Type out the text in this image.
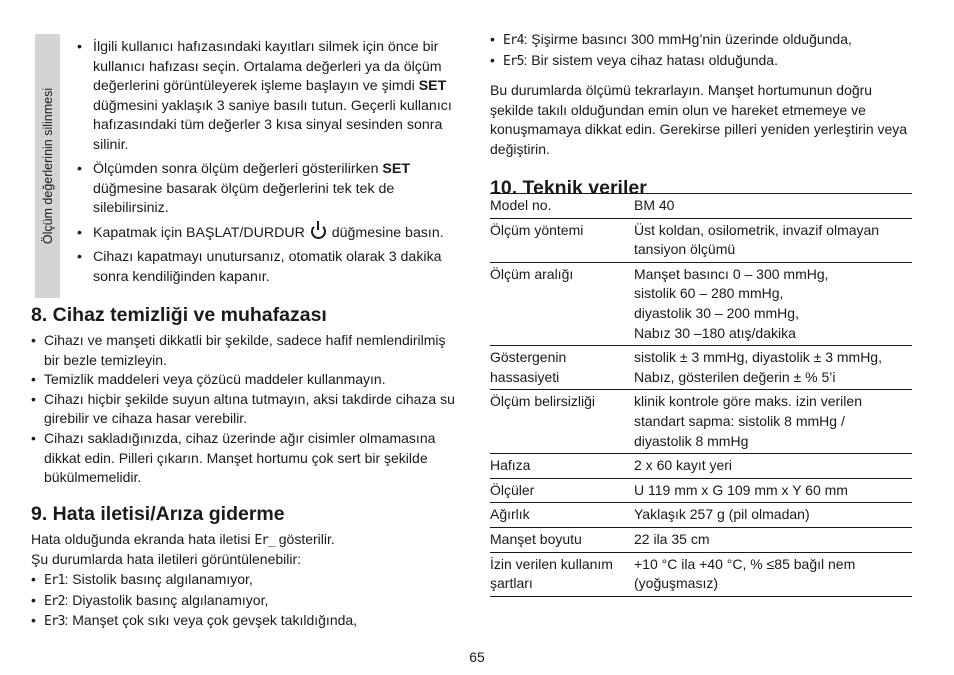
Ölçüm değerlerinin silinmesi
• İlgili kullanıcı hafızasındaki kayıtları silmek için önce bir kullanıcı hafızası seçin. Ortalama değerleri ya da ölçüm değerlerini görüntüleyerek işleme başlayın ve şimdi SET düğmesini yaklaşık 3 saniye basılı tutun. Geçerli kullanıcı hafızasındaki tüm değerler 3 kısa sinyal sesinden sonra silinir.
• Ölçümden sonra ölçüm değerleri gösterilirken SET düğmesine basarak ölçüm değerlerini tek tek de silebilirsiniz.
• Kapatmak için BAŞLAT/DURDUR  düğmesine basın.
• Cihazı kapatmayı unutursanız, otomatik olarak 3 dakika sonra kendiliğinden kapanır.
8. Cihaz temizliği ve muhafazası
• Cihazı ve manşeti dikkatli bir şekilde, sadece hafif nemlendirilmiş bir bezle temizleyin.
• Temizlik maddeleri veya çözücü maddeler kullanmayın.
• Cihazı hiçbir şekilde suyun altına tutmayın, aksi takdirde cihaza su girebilir ve cihaza hasar verebilir.
• Cihazı sakladığınızda, cihaz üzerinde ağır cisimler olmamasına dikkat edin. Pilleri çıkarın. Manşet hortumu çok sert bir şekilde bükülmemelidir.
9. Hata iletisi/Arıza giderme
Hata olduğunda ekranda hata iletisi Er_ gösterilir.
Şu durumlarda hata iletileri görüntülenebilir:
• Er1: Sistolik basınç algılanamıyor,
• Er2: Diyastolik basınç algılanamıyor,
• Er3: Manşet çok sıkı veya çok gevşek takıldığında,
• Er4: Şişirme basıncı 300 mmHg’nin üzerinde olduğunda,
• Er5: Bir sistem veya cihaz hatası olduğunda.
Bu durumlarda ölçümü tekrarlayın. Manşet hortumunun doğru şekilde takılı olduğundan emin olun ve hareket etmemeye ve konuşmamaya dikkat edin. Gerekirse pilleri yeniden yerleştirin veya değiştirin.
10. Teknik veriler
Model no.	BM 40
Ölçüm yöntemi	Üst koldan, osilometrik, invazif olmayan tansiyon ölçümü
Ölçüm aralığı	Manşet basıncı 0 – 300 mmHg,
sistolik 60 – 280 mmHg,
diyastolik 30 – 200 mmHg,
Nabız 30 –180 atış/dakika
Göstergenin hassasiyeti	sistolik ± 3 mmHg, diyastolik ± 3 mmHg,
Nabız, gösterilen değerin ± % 5’i
Ölçüm belirsizliği	klinik kontrole göre maks. izin verilen standart sapma: sistolik 8 mmHg /
diyastolik 8 mmHg
Hafıza	2 x 60 kayıt yeri
Ölçüler	U 119 mm x G 109 mm x Y 60 mm
Ağırlık	Yaklaşık 257 g (pil olmadan)
Manşet boyutu	22 ila 35 cm
İzin verilen kullanım şartları	+10 °C ila +40 °C, % ≤85 bağıl nem
(yoğuşmasız)
65
